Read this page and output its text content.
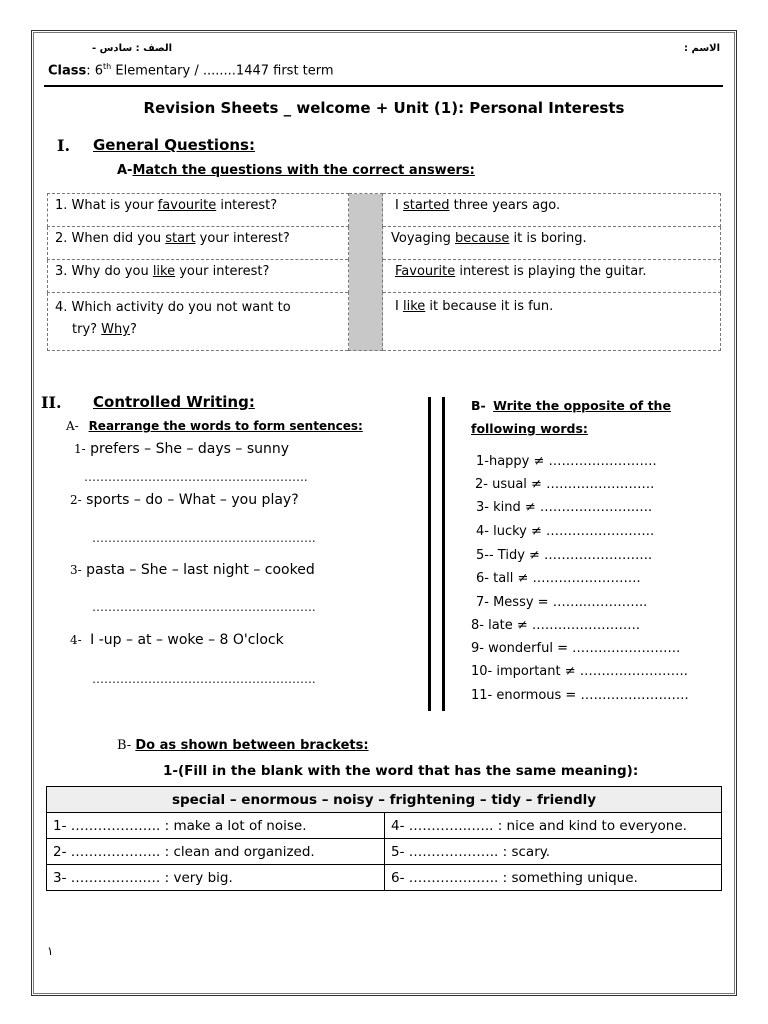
الصف : سادس -	الاسم :
Class: 6th Elementary / ........1447 first term
Revision Sheets _ welcome + Unit (1): Personal Interests
I. General Questions:
A-Match the questions with the correct answers:
1. What is your favourite interest?		I started three years ago.
2. When did you start your interest?		Voyaging because it is boring.
3. Why do you like your interest?		Favourite interest is playing the guitar.
4. Which activity do you not want to
try? Why?		I like it because it is fun.
II. Controlled Writing:
A- Rearrange the words to form sentences:
1- prefers – She – days – sunny
………………………………………………..
2- sports – do – What – you play?
………………………………………………..
3- pasta – She – last night – cooked
………………………………………………..
4- I -up – at – woke – 8 O'clock
………………………………………………..
B- Write the opposite of the
following words:
1-happy ≠ …………………….
2- usual ≠ …………………….
3- kind ≠ ………………….….
4- lucky ≠ …………………….
5-- Tidy ≠ …………………….
6- tall ≠ …………………….
7- Messy = ……..…………..
8- late ≠ …………………….
9- wonderful = …………………….
10- important ≠ …………………….
11- enormous = …………………….
B- Do as shown between brackets:
1-(Fill in the blank with the word that has the same meaning):
special – enormous – noisy – frightening – tidy – friendly	
1- ……………….. : make a lot of noise.	4- …………..….. : nice and kind to everyone.
2- ……………….. : clean and organized.	5- ……………….. : scary.
3- ……………..… : very big.	6- ……………….. : something unique.
١
